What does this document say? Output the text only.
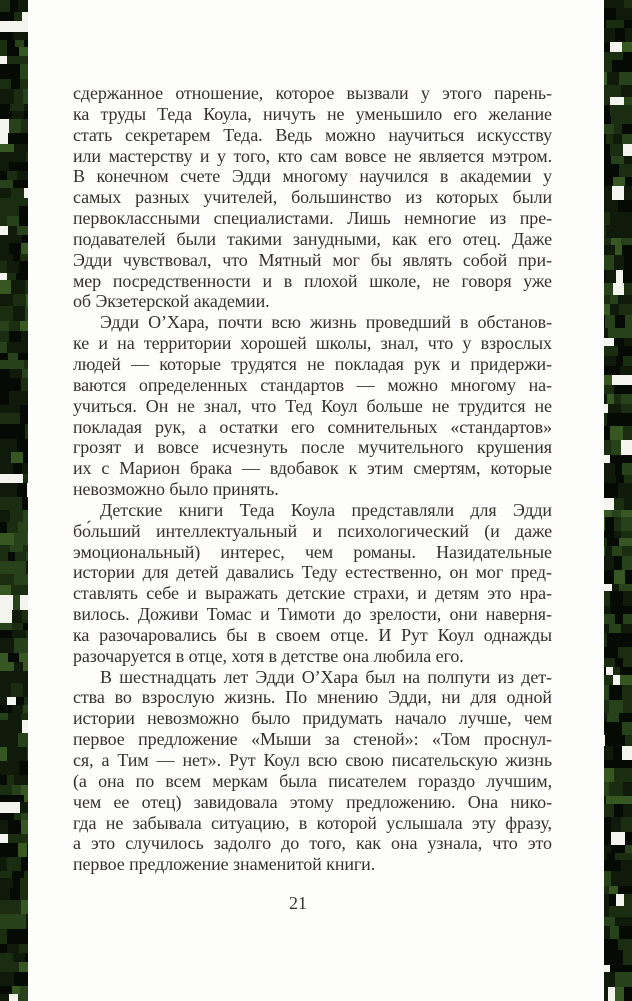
сдержанное отношение, которое вызвали у этого парень-
ка труды Теда Коула, ничуть не уменьшило его желание
стать секретарем Теда. Ведь можно научиться искусству
или мастерству и у того, кто сам вовсе не является мэтром.
В конечном счете Эдди многому научился в академии у
самых разных учителей, большинство из которых были
первоклассными специалистами. Лишь немногие из пре-
подавателей были такими занудными, как его отец. Даже
Эдди чувствовал, что Мятный мог бы являть собой при-
мер посредственности и в плохой школе, не говоря уже
об Экзетерской академии.
Эдди О’Хара, почти всю жизнь проведший в обстанов-
ке и на территории хорошей школы, знал, что у взрослых
людей — которые трудятся не покладая рук и придержи-
ваются определенных стандартов — можно многому на-
учиться. Он не знал, что Тед Коул больше не трудится не
покладая рук, а остатки его сомнительных «стандартов»
грозят и вовсе исчезнуть после мучительного крушения
их с Марион брака — вдобавок к этим смертям, которые
невозможно было принять.
Детские книги Теда Коула представляли для Эдди
бо́льший интеллектуальный и психологический (и даже
эмоциональный) интерес, чем романы. Назидательные
истории для детей давались Теду естественно, он мог пред-
ставлять себе и выражать детские страхи, и детям это нра-
вилось. Доживи Томас и Тимоти до зрелости, они наверня-
ка разочаровались бы в своем отце. И Рут Коул однажды
разочаруется в отце, хотя в детстве она любила его.
В шестнадцать лет Эдди О’Хара был на полпути из дет-
ства во взрослую жизнь. По мнению Эдди, ни для одной
истории невозможно было придумать начало лучше, чем
первое предложение «Мыши за стеной»: «Том проснул-
ся, а Тим — нет». Рут Коул всю свою писательскую жизнь
(а она по всем меркам была писателем гораздо лучшим,
чем ее отец) завидовала этому предложению. Она нико-
гда не забывала ситуацию, в которой услышала эту фразу,
а это случилось задолго до того, как она узнала, что это
первое предложение знаменитой книги.
21
